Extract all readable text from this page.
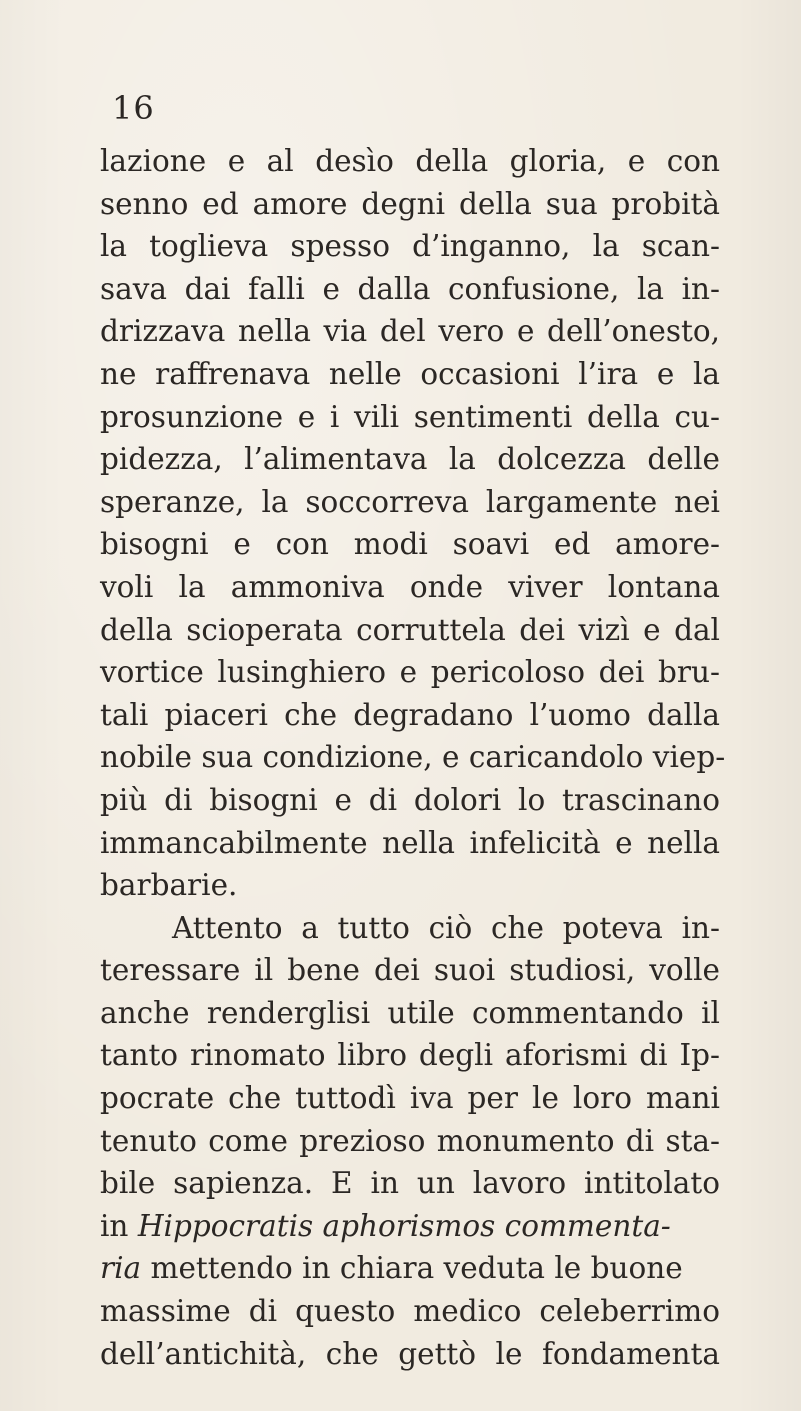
16
lazione e al desìo della gloria, e con
senno ed amore degni della sua probità
la toglieva spesso d’inganno, la scan-
sava dai falli e dalla confusione, la in-
drizzava nella via del vero e dell’onesto,
ne raffrenava nelle occasioni l’ira e la
prosunzione e i vili sentimenti della cu-
pidezza, l’alimentava la dolcezza delle
speranze, la soccorreva largamente nei
bisogni e con modi soavi ed amore-
voli la ammoniva onde viver lontana
della scioperata corruttela dei vizì e dal
vortice lusinghiero e pericoloso dei bru-
tali piaceri che degradano l’uomo dalla
nobile sua condizione, e caricandolo viep-
più di bisogni e di dolori lo trascinano
immancabilmente nella infelicità e nella
barbarie.
Attento a tutto ciò che poteva in-
teressare il bene dei suoi studiosi, volle
anche renderglisi utile commentando il
tanto rinomato libro degli aforismi di Ip-
pocrate che tuttodì iva per le loro mani
tenuto come prezioso monumento di sta-
bile sapienza. E in un lavoro intitolato
in Hippocratis aphorismos commenta-
ria mettendo in chiara veduta le buone
massime di questo medico celeberrimo
dell’antichità, che gettò le fondamenta
